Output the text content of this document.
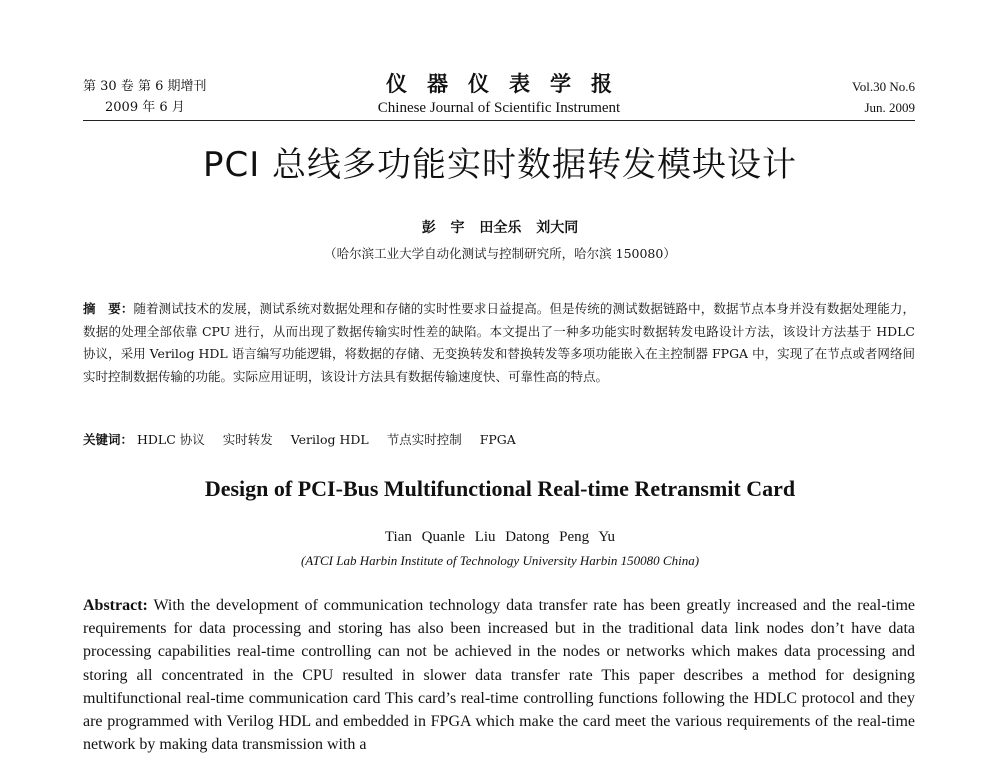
第 30 卷 第 6 期增刊
2009 年 6 月
仪器仪表学报
Chinese Journal of Scientific Instrument
Vol.30 No.6
Jun. 2009
PCI 总线多功能实时数据转发模块设计
彭 宇 田全乐 刘大同
（哈尔滨工业大学自动化测试与控制研究所，哈尔滨 150080）
摘　要：随着测试技术的发展，测试系统对数据处理和存储的实时性要求日益提高。但是传统的测试数据链路中，数据节点本身并没有数据处理能力，数据的处理全部依靠 CPU 进行，从而出现了数据传输实时性差的缺陷。本文提出了一种多功能实时数据转发电路设计方法，该设计方法基于 HDLC 协议，采用 Verilog HDL 语言编写功能逻辑，将数据的存储、无变换转发和替换转发等多项功能嵌入在主控制器 FPGA 中，实现了在节点或者网络间实时控制数据传输的功能。实际应用证明，该设计方法具有数据传输速度快、可靠性高的特点。
关键词： HDLC 协议 实时转发 Verilog HDL 节点实时控制 FPGA
Design of PCI-Bus Multifunctional Real-time Retransmit Card
Tian Quanle Liu Datong Peng Yu
(ATCI Lab Harbin Institute of Technology University Harbin 150080 China)
Abstract: With the development of communication technology data transfer rate has been greatly increased and the real-time requirements for data processing and storing has also been increased but in the traditional data link nodes don’t have data processing capabilities real-time controlling can not be achieved in the nodes or networks which makes data processing and storing all concentrated in the CPU resulted in slower data transfer rate This paper describes a method for designing multifunctional real-time communication card This card’s real-time controlling functions following the HDLC protocol and they are programmed with Verilog HDL and embedded in FPGA which make the card meet the various requirements of the real-time network by making data transmission with a
